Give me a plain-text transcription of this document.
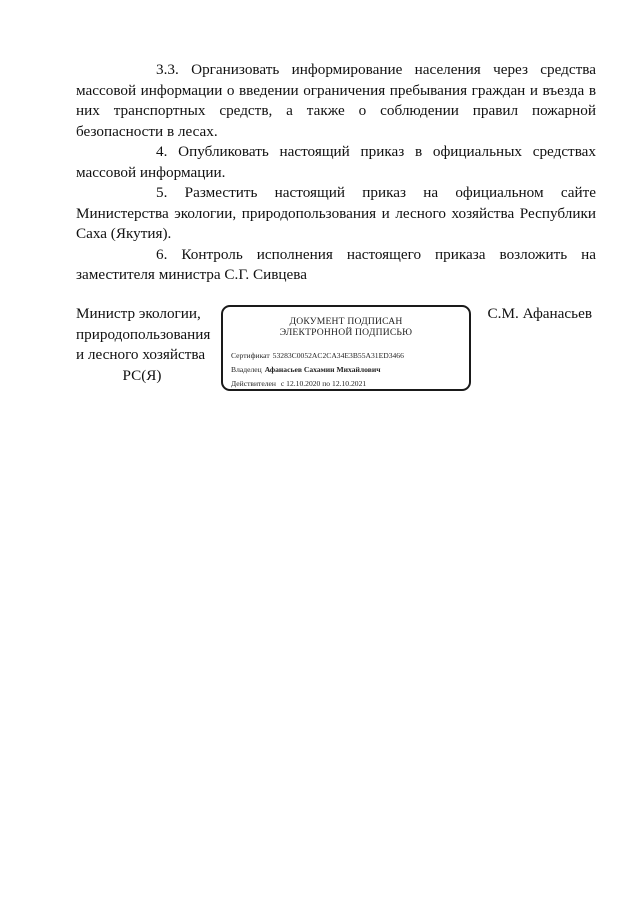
3.3. Организовать информирование населения через средства массовой информации о введении ограничения пребывания граждан и въезда в них транспортных средств, а также о соблюдении правил пожарной безопасности в лесах.

4. Опубликовать настоящий приказ в официальных средствах массовой информации.

5. Разместить настоящий приказ на официальном сайте Министерства экологии, природопользования и лесного хозяйства Республики Саха (Якутия).

6. Контроль исполнения настоящего приказа возложить на заместителя министра С.Г. Сивцева

Министр экологии,
природопользования
и лесного хозяйства
РС(Я)
ДОКУМЕНТ ПОДПИСАН
ЭЛЕКТРОННОЙ ПОДПИСЬЮ
Сертификат 53283C0052AC2CA34E3B55A31ED3466
Владелец Афанасьев Сахамин Михайлович
Действителен с 12.10.2020 по 12.10.2021
С.М. Афанасьев
